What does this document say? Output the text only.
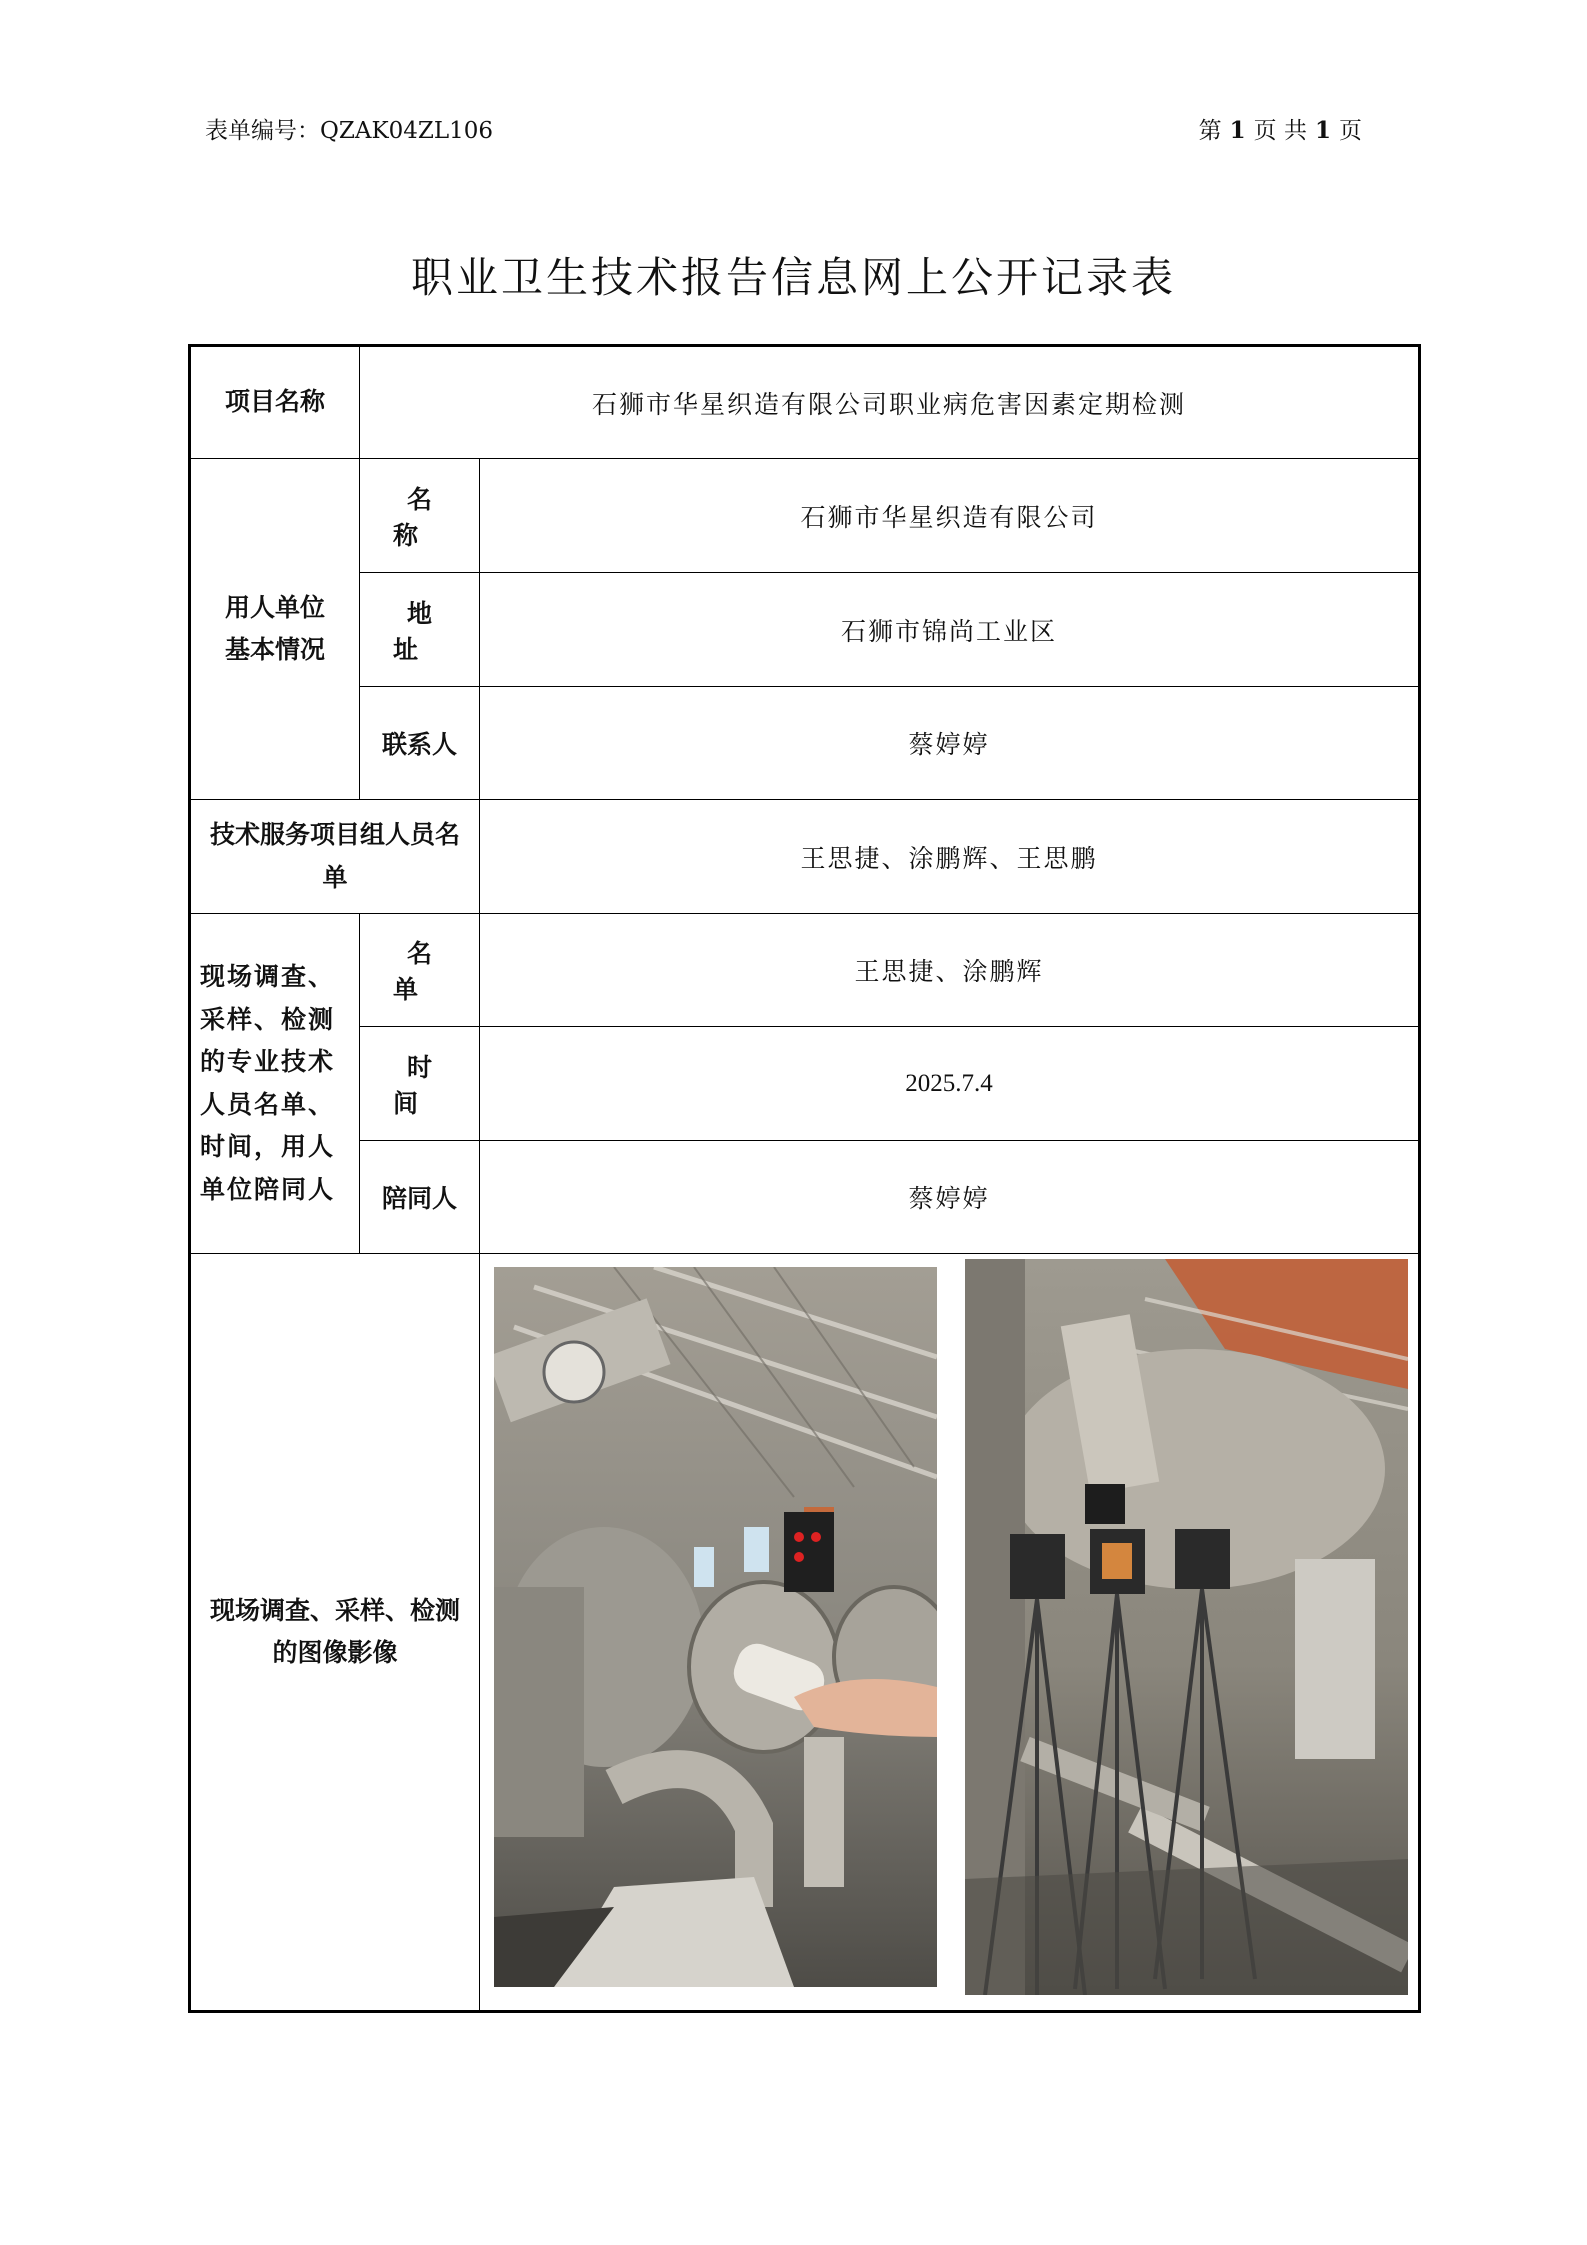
表单编号：QZAK04ZL106	第 1 页 共 1 页
职业卫生技术报告信息网上公开记录表
项目名称	石狮市华星织造有限公司职业病危害因素定期检测	

用人单位基本情况	名 称	石狮市华星织造有限公司
	地 址	石狮市锦尚工业区
	联系人	蔡婷婷

技术服务项目组人员名单		王思捷、涂鹏辉、王思鹏

现场调查、采样、检测的专业技术人员名单、时间，用人单位陪同人	名 单	王思捷、涂鹏辉
	时 间	2025.7.4
	陪同人	蔡婷婷

现场调查、采样、检测的图像影像
